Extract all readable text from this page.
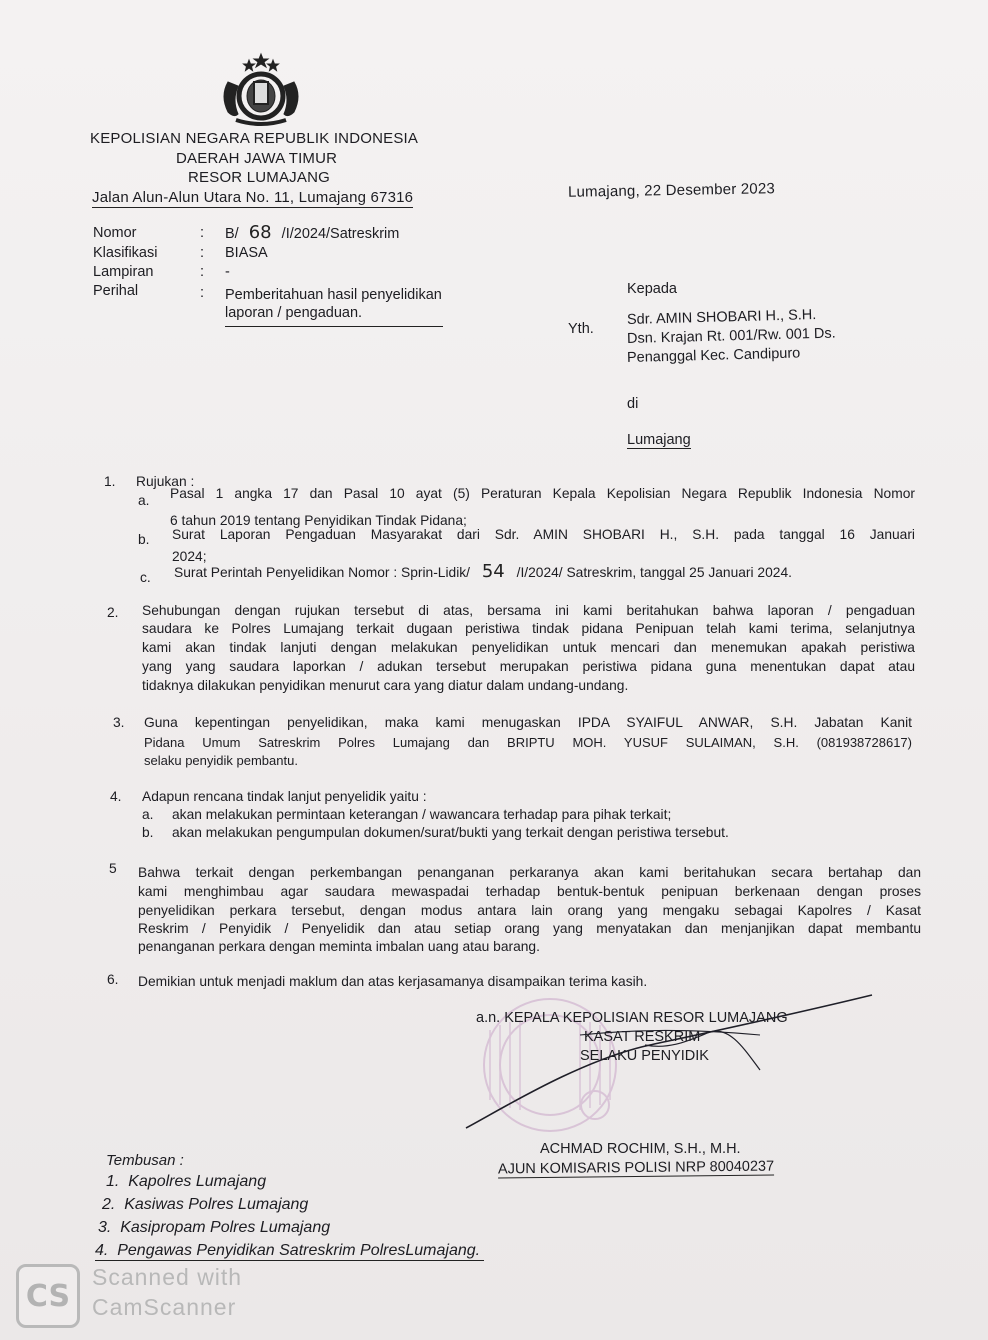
KEPOLISIAN NEGARA REPUBLIK INDONESIA
DAERAH JAWA TIMUR
RESOR LUMAJANG
Jalan Alun-Alun Utara No. 11, Lumajang 67316	Lumajang, 22 Desember 2023
Nomor	: B/ 68 /I/2024/Satreskrim
Klasifikasi	: BIASA
Lampiran	: -
Perihal	: Pemberitahuan hasil penyelidikan
laporan / pengaduan.
Kepada
Yth.
Sdr. AMIN SHOBARI H., S.H.
Dsn. Krajan Rt. 001/Rw. 001 Ds.
Penanggal Kec. Candipuro
di
Lumajang
1. Rujukan :
a. Pasal 1 angka 17 dan Pasal 10 ayat (5) Peraturan Kepala Kepolisian Negara Republik Indonesia Nomor
6 tahun 2019 tentang Penyidikan Tindak Pidana;
b. Surat Laporan Pengaduan Masyarakat dari Sdr. AMIN SHOBARI H., S.H. pada tanggal 16 Januari
2024;
c. Surat Perintah Penyelidikan Nomor : Sprin-Lidik/ 54 /I/2024/ Satreskrim, tanggal 25 Januari 2024.
2. Sehubungan dengan rujukan tersebut di atas, bersama ini kami beritahukan bahwa laporan / pengaduan
saudara ke Polres Lumajang terkait dugaan peristiwa tindak pidana Penipuan telah kami terima, selanjutnya
kami akan tindak lanjuti dengan melakukan penyelidikan untuk mencari dan menemukan apakah peristiwa
yang yang saudara laporkan / adukan tersebut merupakan peristiwa pidana guna menentukan dapat atau
tidaknya dilakukan penyidikan menurut cara yang diatur dalam undang-undang.
3. Guna kepentingan penyelidikan, maka kami menugaskan IPDA SYAIFUL ANWAR, S.H. Jabatan Kanit
Pidana Umum Satreskrim Polres Lumajang dan BRIPTU MOH. YUSUF SULAIMAN, S.H. (081938728617)
selaku penyidik pembantu.
4. Adapun rencana tindak lanjut penyelidik yaitu :
a. akan melakukan permintaan keterangan / wawancara terhadap para pihak terkait;
b. akan melakukan pengumpulan dokumen/surat/bukti yang terkait dengan peristiwa tersebut.
5 Bahwa terkait dengan perkembangan penanganan perkaranya akan kami beritahukan secara bertahap dan
kami menghimbau agar saudara mewaspadai terhadap bentuk-bentuk penipuan berkenaan dengan proses
penyelidikan perkara tersebut, dengan modus antara lain orang yang mengaku sebagai Kapolres / Kasat
Reskrim / Penyidik / Penyelidik dan atau setiap orang yang menyatakan dan menjanjikan dapat membantu
penanganan perkara dengan meminta imbalan uang atau barang.
6. Demikian untuk menjadi maklum dan atas kerjasamanya disampaikan terima kasih.
a.n. KEPALA KEPOLISIAN RESOR LUMAJANG
KASAT RESKRIM
SELAKU PENYIDIK
ACHMAD ROCHIM, S.H., M.H.
AJUN KOMISARIS POLISI NRP 80040237
Tembusan :
1. Kapolres Lumajang
2. Kasiwas Polres Lumajang
3. Kasipropam Polres Lumajang
4. Pengawas Penyidikan Satreskrim PolresLumajang.
CS
Scanned with
CamScanner
